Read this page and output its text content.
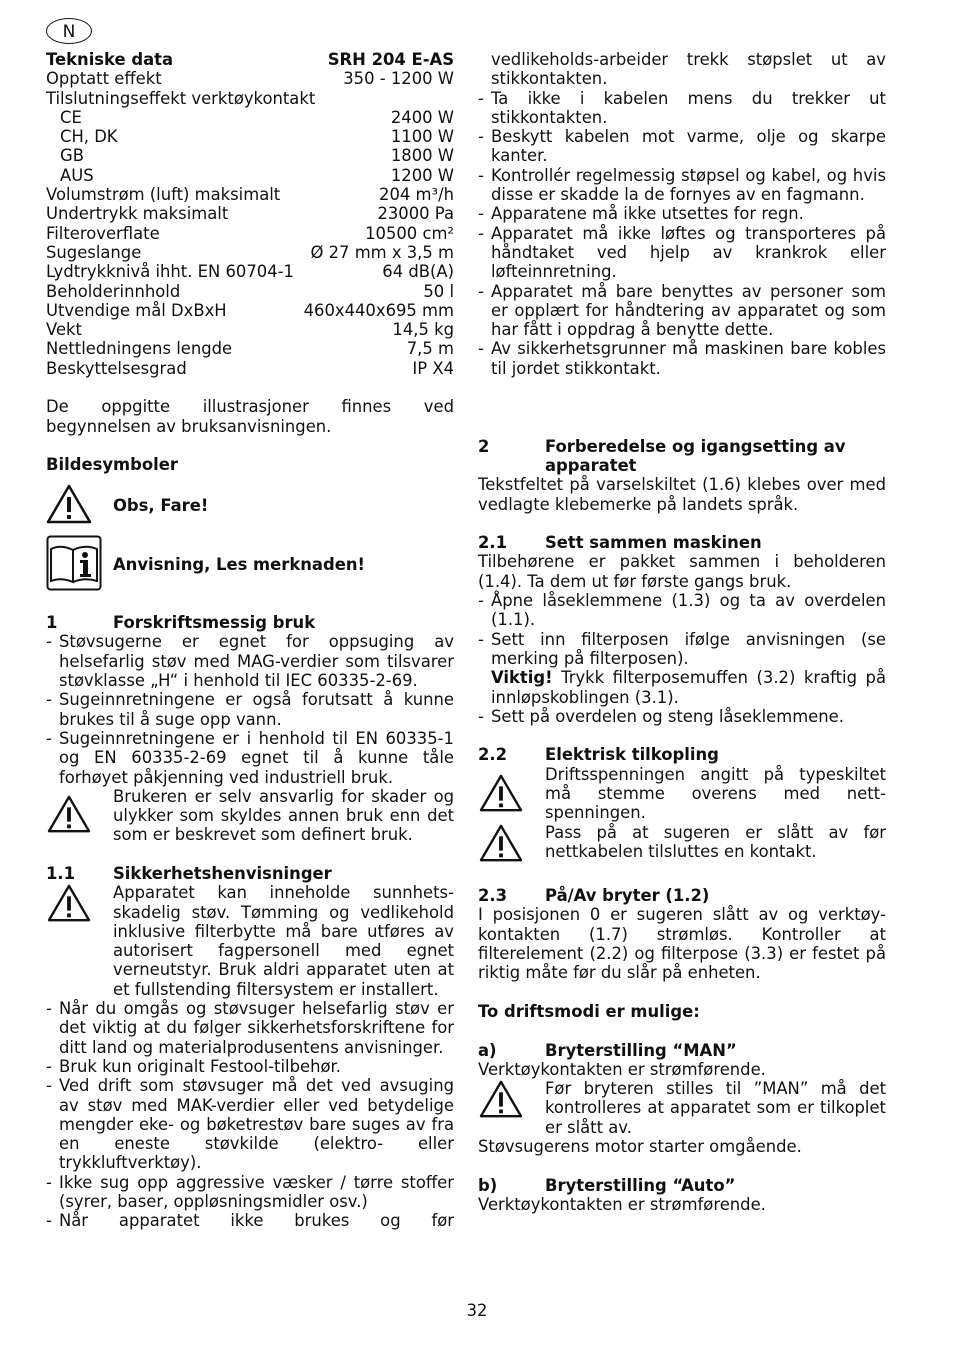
N
Tekniske data	SRH 204 E-AS
Opptatt effekt	350 - 1200 W
Tilslutningseffekt verktøykontakt
CE	2400 W
CH, DK	1100 W
GB	1800 W
AUS	1200 W
Volumstrøm (luft) maksimalt	204 m³/h
Undertrykk maksimalt	23000 Pa
Filteroverflate	10500 cm²
Sugeslange	Ø 27 mm x 3,5 m
Lydtrykknivå ihht. EN 60704-1	64 dB(A)
Beholderinnhold	50 l
Utvendige mål DxBxH	460x440x695 mm
Vekt	14,5 kg
Nettledningens lengde	7,5 m
Beskyttelsesgrad	IP X4

De oppgitte illustrasjoner finnes ved begynnelsen av bruksanvisningen.

Bildesymboler
Obs, Fare!
Anvisning, Les merknaden!
1	Forskriftsmessig bruk
- Støvsugerne er egnet for oppsuging av helsefarlig støv med MAG-verdier som tilsvarer støvklasse „H“ i henhold til IEC 60335-2-69.
- Sugeinnretningene er også forutsatt å kunne brukes til å suge opp vann.
- Sugeinnretningene er i henhold til EN 60335-1 og EN 60335-2-69 egnet til å kunne tåle forhøyet påkjenning ved industriell bruk.
Brukeren er selv ansvarlig for skader og ulykker som skyldes annen bruk enn det som er beskrevet som definert bruk.
1.1	Sikkerhetshenvisninger
Apparatet kan inneholde sunnhets-skadelig støv. Tømming og vedlikehold inklusive filterbytte må bare utføres av autorisert fagpersonell med egnet verneutstyr. Bruk aldri apparatet uten at et fullstending filtersystem er installert.
- Når du omgås og støvsuger helsefarlig støv er det viktig at du følger sikkerhetsforskriftene for ditt land og materialprodusentens anvisninger.
- Bruk kun originalt Festool-tilbehør.
- Ved drift som støvsuger må det ved avsuging av støv med MAK-verdier eller ved betydelige mengder eke- og bøketrestøv bare suges av fra en eneste støvkilde (elektro- eller trykkluftverktøy).
- Ikke sug opp aggressive væsker / tørre stoffer (syrer, baser, oppløsningsmidler osv.)
- Når apparatet ikke brukes og før
vedlikeholds-arbeider trekk støpslet ut av stikkontakten.
- Ta ikke i kabelen mens du trekker ut stikkontakten.
- Beskytt kabelen mot varme, olje og skarpe kanter.
- Kontrollér regelmessig støpsel og kabel, og hvis disse er skadde la de fornyes av en fagmann.
- Apparatene må ikke utsettes for regn.
- Apparatet må ikke løftes og transporteres på håndtaket ved hjelp av krankrok eller løfteinnretning.
- Apparatet må bare benyttes av personer som er opplært for håndtering av apparatet og som har fått i oppdrag å benytte dette.
- Av sikkerhetsgrunner må maskinen bare kobles til jordet stikkontakt.
2	Forberedelse og igangsetting av apparatet

Tekstfeltet på varselskiltet (1.6) klebes over med vedlagte klebemerke på landets språk.

2.1	Sett sammen maskinen

Tilbehørene er pakket sammen i beholderen (1.4). Ta dem ut før første gangs bruk.

- Åpne låseklemmene (1.3) og ta av overdelen (1.1).
- Sett inn filterposen ifølge anvisningen (se merking på filterposen).
Viktig! Trykk filterposemuffen (3.2) kraftig på innløpskoblingen (3.1).
- Sett på overdelen og steng låseklemmene.
2.2	Elektrisk tilkopling
Driftsspenningen angitt på typeskiltet må stemme overens med nett-spenningen.
Pass på at sugeren er slått av før nettkabelen tilsluttes en kontakt.
2.3	På/Av bryter (1.2)

I posisjonen 0 er sugeren slått av og verktøy-kontakten (1.7) strømløs. Kontroller at filterelement (2.2) og filterpose (3.3) er festet på riktig måte før du slår på enheten.

To driftsmodi er mulige:
a)	Bryterstilling “MAN”

Verktøykontakten er strømførende.

Før bryteren stilles til ”MAN” må det kontrolleres at apparatet som er tilkoplet er slått av.

Støvsugerens motor starter omgående.

b)	Bryterstilling “Auto”

Verktøykontakten er strømførende.

32
